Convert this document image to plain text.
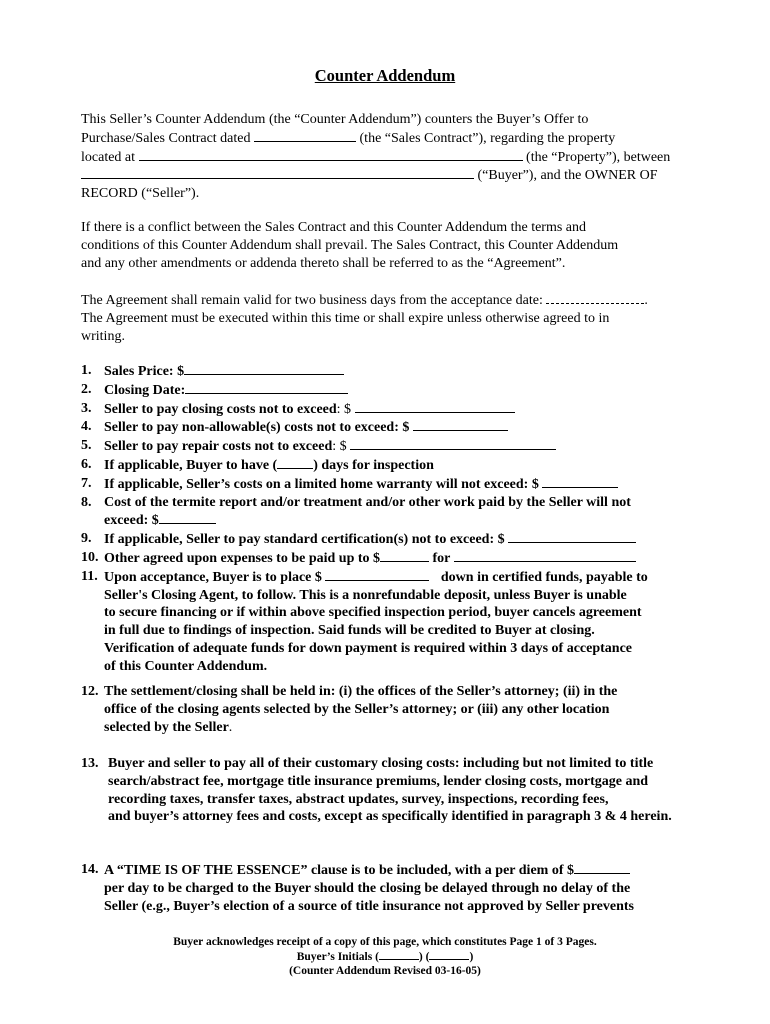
Counter Addendum
This Seller’s Counter Addendum (the “Counter Addendum”) counters the Buyer’s Offer to
Purchase/Sales Contract dated	(the “Sales Contract”), regarding the property
located at	(the “Property”), between
(“Buyer”), and the OWNER OF
RECORD (“Seller”).
If there is a conflict between the Sales Contract and this Counter Addendum the terms and
conditions of this Counter Addendum shall prevail. The Sales Contract, this Counter Addendum
and any other amendments or addenda thereto shall be referred to as the “Agreement”.
The Agreement shall remain valid for two business days from the acceptance date:	.
The Agreement must be executed within this time or shall expire unless otherwise agreed to in
writing.
1. Sales Price: $
2. Closing Date:
3. Seller to pay closing costs not to exceed: $
4. Seller to pay non-allowable(s) costs not to exceed: $
5. Seller to pay repair costs not to exceed: $
6. If applicable, Buyer to have (	) days for inspection
7. If applicable, Seller’s costs on a limited home warranty will not exceed: $
8. Cost of the termite report and/or treatment and/or other work paid by the Seller will not
exceed: $
9. If applicable, Seller to pay standard certification(s) not to exceed: $
10. Other agreed upon expenses to be paid up to $	for
11. Upon acceptance, Buyer is to place $	down in certified funds, payable to
Seller's Closing Agent, to follow. This is a nonrefundable deposit, unless Buyer is unable
to secure financing or if within above specified inspection period, buyer cancels agreement
in full due to findings of inspection. Said funds will be credited to Buyer at closing.
Verification of adequate funds for down payment is required within 3 days of acceptance
of this Counter Addendum.
12. The settlement/closing shall be held in: (i) the offices of the Seller’s attorney; (ii) in the
office of the closing agents selected by the Seller’s attorney; or (iii) any other location
selected by the Seller.
13. Buyer and seller to pay all of their customary closing costs: including but not limited to title
search/abstract fee, mortgage title insurance premiums, lender closing costs, mortgage and
recording taxes, transfer taxes, abstract updates, survey, inspections, recording fees,
and buyer’s attorney fees and costs, except as specifically identified in paragraph 3 & 4 herein.
14. A “TIME IS OF THE ESSENCE” clause is to be included, with a per diem of $
per day to be charged to the Buyer should the closing be delayed through no delay of the
Seller (e.g., Buyer’s election of a source of title insurance not approved by Seller prevents
Buyer acknowledges receipt of a copy of this page, which constitutes Page 1 of 3 Pages.
Buyer’s Initials (	) (	)
(Counter Addendum Revised 03-16-05)
